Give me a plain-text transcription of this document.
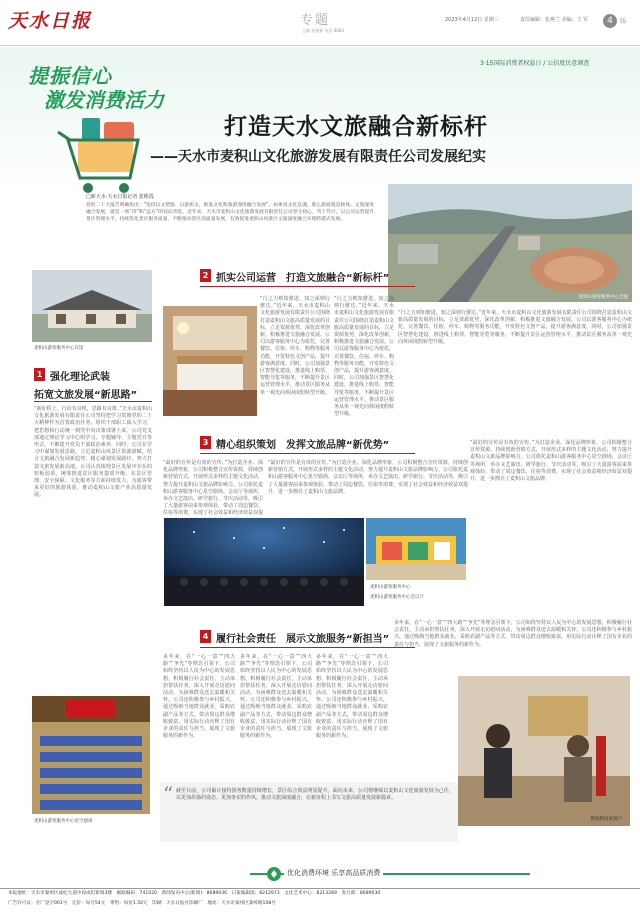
天水日报	专题
主编 张建新 电话 8683
2023年4月12日 星期三	责任编辑：张燕兰 美编：王 军	4	版
提振信心
激发消费活力
3·15国际消费者权益日 / 公信度民意调查
打造天水文旅融合新标杆
——天水市麦积山文化旅游发展有限责任公司发展纪实
□新天水·天水日报记者 张彬霞
党的二十大报告明确指出：“坚持以文塑旅、以旅彰文，推进文化和旅游深度融合发展”。如果说文化是魂，那么旅游就是载体。文旅深度融合发展，就是一场“诗”和“远方”的双向奔赴。近年来，天水市麦积山文化旅游发展有限责任公司坚守初心，笃干笃行，以公司运营提升景区管理水平，持续优化景区服务质量，不断推动景区高质量发展，有效促进麦积山风景区文旅深度融合实现跨越式发展。
麦积山游客服务中心全貌
麦积山游客服务中心宾馆
1 强化理论武装
拓宽文旅发展“新思路”
“新征程上，行动有良机，思路有良策。”天水市麦积山文化旅游发展有限责任公司坚持把学习贯彻党的二十大精神作为首要政治任务，组织干部职工深入学习，把思想和行动统一到党中央决策部署上来。公司党支部通过理论学习中心组学习、专题辅导、主题党日等形式，不断提升党员干部政治素养。同时，公司在学习中谋划发展思路，立足麦积山风景区资源禀赋，结合文旅融合发展新趋势，精心谋划发展路径，努力打造文旅发展新高地。公司认真梳理景区发展中存在的短板弱项，统筹推进景区服务提质升级，在景区管理、安全保障、文化服务等方面持续发力，为游客带来更好的旅游体验，推动麦积山文旅产业高质量发展。
2 抓实公司运营　打造文旅融合“新标杆”
“行之力则知愈进，知之深则行愈达。”近年来，天水市麦积山文化旅游发展有限责任公司围绕打造麦积山文旅高质量发展的目标，立足资源优势，深化改革创新，积极推进文旅融合发展。公司以游客服务中心为依托，完善餐饮、住宿、停车、购物等服务功能，开发特色文创产品，提升游客满意度。同时，公司加强景区智慧化建设，推进线上购票、智能导览等服务，不断提升景区运营管理水平，推动景区服务从单一观光向休闲度假转型升级。
“行之力则知愈进，知之深则行愈达。”近年来，天水市麦积山文化旅游发展有限责任公司围绕打造麦积山文旅高质量发展的目标，立足资源优势，深化改革创新，积极推进文旅融合发展。公司以游客服务中心为依托，完善餐饮、住宿、停车、购物等服务功能，开发特色文创产品，提升游客满意度。同时，公司加强景区智慧化建设，推进线上购票、智能导览等服务，不断提升景区运营管理水平，推动景区服务从单一观光向休闲度假转型升级。
“行之力则知愈进，知之深则行愈达。”近年来，天水市麦积山文化旅游发展有限责任公司围绕打造麦积山文旅高质量发展的目标，立足资源优势，深化改革创新，积极推进文旅融合发展。公司以游客服务中心为依托，完善餐饮、住宿、停车、购物等服务功能，开发特色文创产品，提升游客满意度。同时，公司加强景区智慧化建设，推进线上购票、智能导览等服务，不断提升景区运营管理水平，推动景区服务从单一观光向休闲度假转型升级。
3 精心组织策划　发挥文旅品牌“新优势”
“最好的宣传是有效的宣传。”为打造企业、深化品牌形象，公司积极整合宣传资源，持续创新营销方式，开展形式多样的主题文化活动，努力提升麦积山文旅品牌影响力。公司依托麦积山游客服务中心星空剧场、会议厅等场所，举办文艺演出、研学旅行、节庆活动等，吸引了大量游客前来参观体验，带动了周边餐饮、住宿等消费，实现了社会效益和经济效益双提
“最好的宣传是有效的宣传。”为打造企业、深化品牌形象，公司积极整合宣传资源，持续创新营销方式，开展形式多样的主题文化活动，努力提升麦积山文旅品牌影响力。公司依托麦积山游客服务中心星空剧场、会议厅等场所，举办文艺演出、研学旅行、节庆活动等，吸引了大量游客前来参观体验，带动了周边餐饮、住宿等消费，实现了社会效益和经济效益双提升，进一步擦亮了麦积山文旅品牌。
“最好的宣传是有效的宣传。”为打造企业、深化品牌形象，公司积极整合宣传资源，持续创新营销方式，开展形式多样的主题文化活动，努力提升麦积山文旅品牌影响力。公司依托麦积山游客服务中心星空剧场、会议厅等场所，举办文艺演出、研学旅行、节庆活动等，吸引了大量游客前来参观体验，带动了周边餐饮、住宿等消费，实现了社会效益和经济效益双提升，进一步擦亮了麦积山文旅品牌。
麦积山游客服务中心
麦积山游客服务中心会议厅
4 履行社会责任　展示文旅服务“新担当”
多年来，在“一心一意”“四大路”“争先”等理念引领下，公司始终坚持以人民为中心的发展思想，积极履行社会责任，主动承担帮扶任务，深入开展走访慰问活动，为困难群众送去温暖和关怀。公司还积极参与乡村振兴，通过吸纳当地群众就业、采购农副产品等方式，带动周边群众增收致富，用实际行动诠释了国有企业的责任与担当，展现了文旅服务的新作为。
多年来，在“一心一意”“四大路”“争先”等理念引领下，公司始终坚持以人民为中心的发展思想，积极履行社会责任，主动承担帮扶任务，深入开展走访慰问活动，为困难群众送去温暖和关怀。公司还积极参与乡村振兴，通过吸纳当地群众就业、采购农副产品等方式，带动周边群众增收致富，用实际行动诠释了国有企业的责任与担当，展现了文旅服务的新作为。
多年来，在“一心一意”“四大路”“争先”等理念引领下，公司始终坚持以人民为中心的发展思想，积极履行社会责任，主动承担帮扶任务，深入开展走访慰问活动，为困难群众送去温暖和关怀。公司还积极参与乡村振兴，通过吸纳当地群众就业、采购农副产品等方式，带动周边群众增收致富，用实际行动诠释了国有企业的责任与担当，展现了文旅服务的新作为。
多年来，在“一心一意”“四大路”“争先”等理念引领下，公司始终坚持以人民为中心的发展思想，积极履行社会责任，主动承担帮扶任务，深入开展走访慰问活动，为困难群众送去温暖和关怀。公司还积极参与乡村振兴，通过吸纳当地群众就业、采购农副产品等方式，带动周边群众增收致富，用实际行动诠释了国有企业的责任与担当，展现了文旅服务的新作为。
帮扶慰问贫困户
麦积山游客服务中心星空剧场
“ 截至目前，公司累计接待游客数量持续增长，景区综合效益明显提升。面向未来，公司将继续以麦积山文化旅游发展为己任，以更加昂扬的姿态、更加务实的作风，推动文旅深度融合，在新征程上书写文旅高质量发展新篇章。
优化消费环境 乐享高品质消费
本报地址：天水市秦州区成纪大道中段成纪新闻3楼　邮政编码：741020　新闻发布中心(新闻)：8689036　日报编辑部：8212973　文化艺术中心：8213289　发行部：8689030
广告许可证：甘广登字001号　定价：每月54元　零售：每份1.50元　印刷：天水日报社印刷厂　地址：天水市秦州区秦岭路108号
